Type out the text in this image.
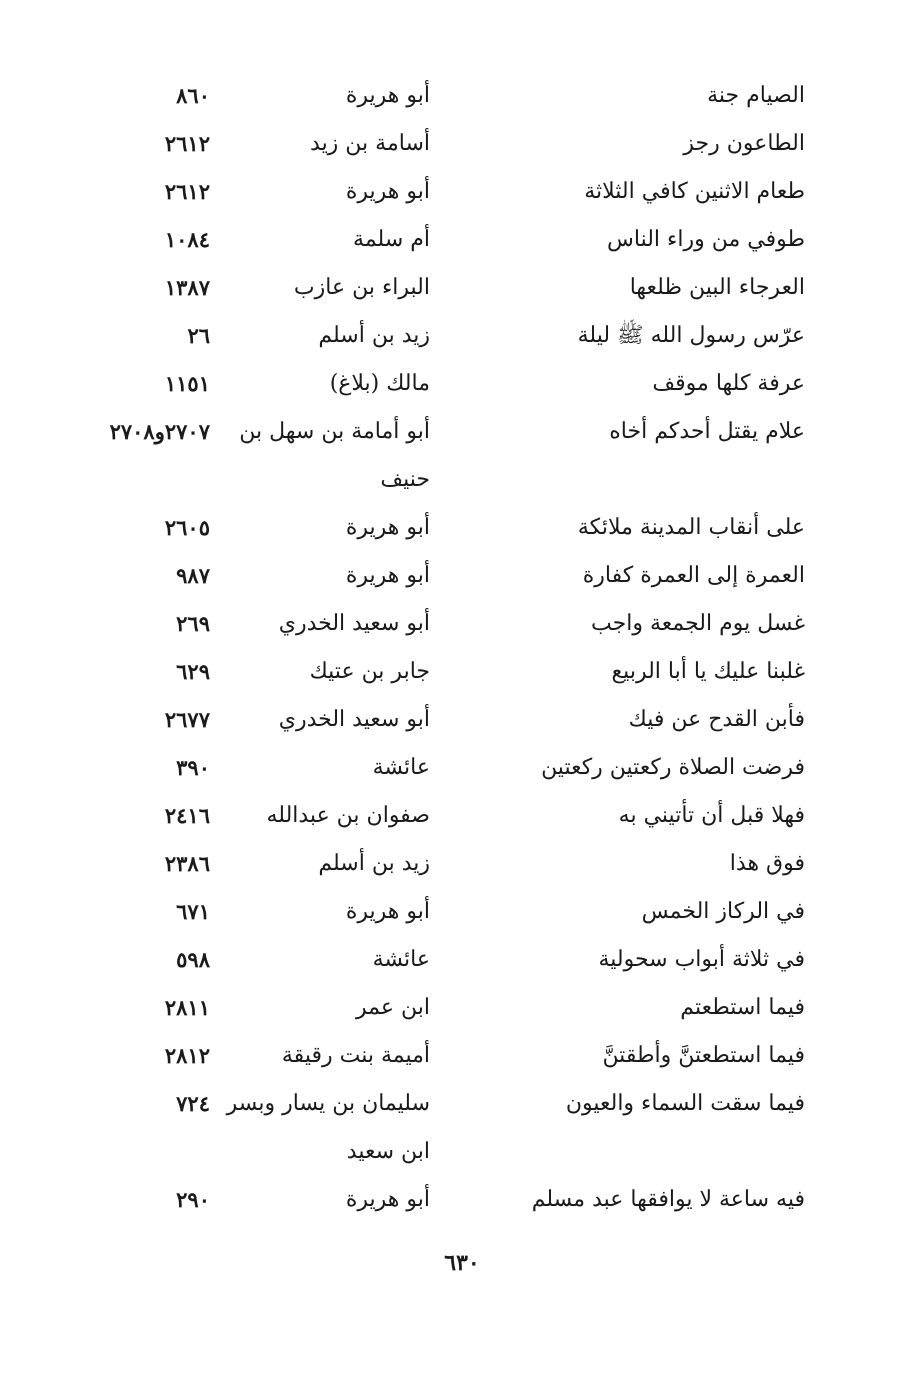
الصيام جنة
أبو هريرة
٨٦٠
الطاعون رجز
أسامة بن زيد
٢٦١٢
طعام الاثنين كافي الثلاثة
أبو هريرة
٢٦١٢
طوفي من وراء الناس
أم سلمة
١٠٨٤
العرجاء البين ظلعها
البراء بن عازب
١٣٨٧
عرّس رسول الله ﷺ ليلة
زيد بن أسلم
٢٦
عرفة كلها موقف
مالك (بلاغ)
١١٥١
علام يقتل أحدكم أخاه
أبو أمامة بن سهل بن
٢٧٠٧و٢٧٠٨
حنيف
على أنقاب المدينة ملائكة
أبو هريرة
٢٦٠٥
العمرة إلى العمرة كفارة
أبو هريرة
٩٨٧
غسل يوم الجمعة واجب
أبو سعيد الخدري
٢٦٩
غلبنا عليك يا أبا الربيع
جابر بن عتيك
٦٢٩
فأبن القدح عن فيك
أبو سعيد الخدري
٢٦٧٧
فرضت الصلاة ركعتين ركعتين
عائشة
٣٩٠
فهلا قبل أن تأتيني به
صفوان بن عبدالله
٢٤١٦
فوق هذا
زيد بن أسلم
٢٣٨٦
في الركاز الخمس
أبو هريرة
٦٧١
في ثلاثة أبواب سحولية
عائشة
٥٩٨
فيما استطعتم
ابن عمر
٢٨١١
فيما استطعتنَّ وأطقتنَّ
أميمة بنت رقيقة
٢٨١٢
فيما سقت السماء والعيون
سليمان بن يسار وبسر
٧٢٤
ابن سعيد
فيه ساعة لا يوافقها عبد مسلم
أبو هريرة
٢٩٠
٦٣٠
